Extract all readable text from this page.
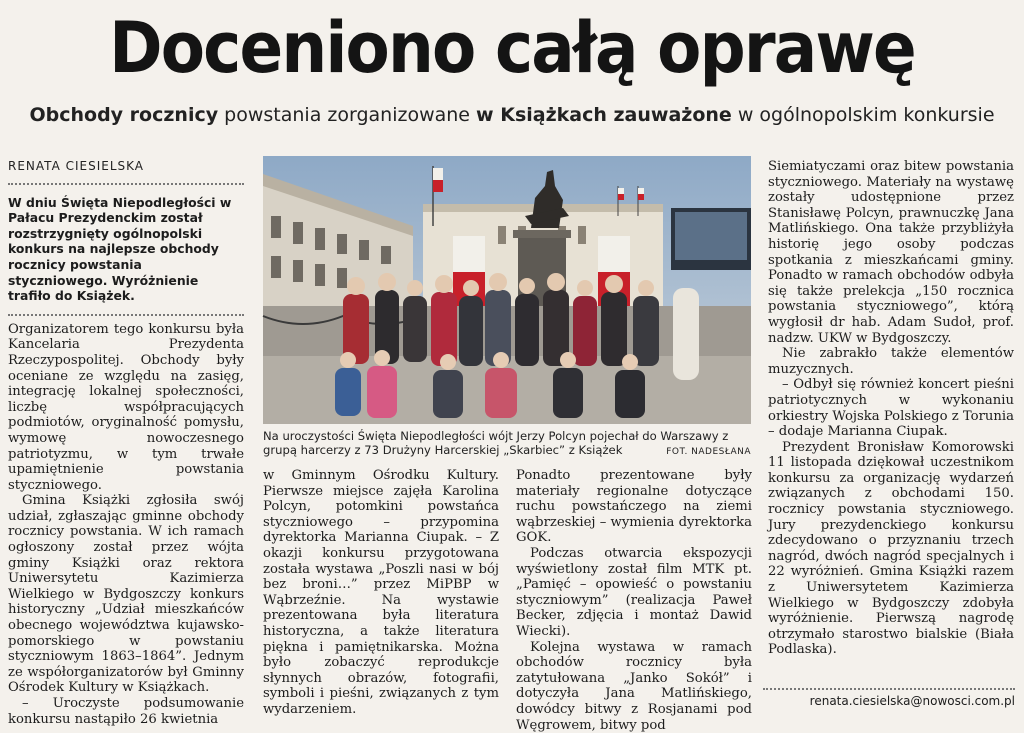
Doceniono całą oprawę
Obchody rocznicy powstania zorganizowane w Książkach zauważone w ogólnopolskim konkursie
RENATA CIESIELSKA
W dniu Święta Niepodległości w Pałacu Prezydenckim został rozstrzygnięty ogólnopolski konkurs na najlepsze obchody rocznicy powstania styczniowego. Wyróżnienie trafiło do Książek.

Organizatorem tego konkursu była Kancelaria Prezydenta Rzeczypospolitej. Obchody były oceniane ze względu na zasięg, integrację lokalnej społeczności, liczbę współpracujących podmiotów, oryginalność pomysłu, wymowę nowoczesnego patriotyzmu, w tym trwałe upamiętnienie powstania styczniowego.

Gmina Książki zgłosiła swój udział, zgłaszając gminne obchody rocznicy powstania. W ich ramach ogłoszony został przez wójta gminy Książki oraz rektora Uniwersytetu Kazimierza Wielkiego w Bydgoszczy konkurs historyczny „Udział mieszkańców obecnego województwa kujawsko-pomorskiego w powstaniu styczniowym 1863–1864”. Jednym ze współorganizatorów był Gminny Ośrodek Kultury w Książkach.

– Uroczyste podsumowanie konkursu nastąpiło 26 kwietnia

Na uroczystości Święta Niepodległości wójt Jerzy Polcyn pojechał do Warszawy z grupą harcerzy z 73 Drużyny Harcerskiej „Skarbiec” z Książek	FOT. NADESŁANA

w Gminnym Ośrodku Kultury. Pierwsze miejsce zajęła Karolina Polcyn, potomkini powstańca styczniowego – przypomina dyrektorka Marianna Ciupak. – Z okazji konkursu przygotowana została wystawa „Poszli nasi w bój bez broni…” przez MiPBP w Wąbrzeźnie. Na wystawie prezentowana była literatura historyczna, a także literatura piękna i pamiętnikarska. Można było zobaczyć reprodukcje słynnych obrazów, fotografii, symboli i pieśni, związanych z tym wydarzeniem.

Ponadto prezentowane były materiały regionalne dotyczące ruchu powstańczego na ziemi wąbrzeskiej – wymienia dyrektorka GOK.

Podczas otwarcia ekspozycji wyświetlony został film MTK pt. „Pamięć – opowieść o powstaniu styczniowym” (realizacja Paweł Becker, zdjęcia i montaż Dawid Wiecki).

Kolejna wystawa w ramach obchodów rocznicy była zatytułowana „Janko Sokół” i dotyczyła Jana Matlińskiego, dowódcy bitwy z Rosjanami pod Węgrowem, bitwy pod

Siemiatyczami oraz bitew powstania styczniowego. Materiały na wystawę zostały udostępnione przez Stanisławę Polcyn, prawnuczkę Jana Matlińskiego. Ona także przybliżyła historię jego osoby podczas spotkania z mieszkańcami gminy. Ponadto w ramach obchodów odbyła się także prelekcja „150 rocznica powstania styczniowego”, którą wygłosił dr hab. Adam Sudoł, prof. nadzw. UKW w Bydgoszczy.

Nie zabrakło także elementów muzycznych.

– Odbył się również koncert pieśni patriotycznych w wykonaniu orkiestry Wojska Polskiego z Torunia – dodaje Marianna Ciupak.

Prezydent Bronisław Komorowski 11 listopada dziękował uczestnikom konkursu za organizację wydarzeń związanych z obchodami 150. rocznicy powstania styczniowego. Jury prezydenckiego konkursu zdecydowano o przyznaniu trzech nagród, dwóch nagród specjalnych i 22 wyróżnień. Gmina Książki razem z Uniwersytetem Kazimierza Wielkiego w Bydgoszczy zdobyła wyróżnienie. Pierwszą nagrodę otrzymało starostwo bialskie (Biała Podlaska).

renata.ciesielska@nowosci.com.pl
